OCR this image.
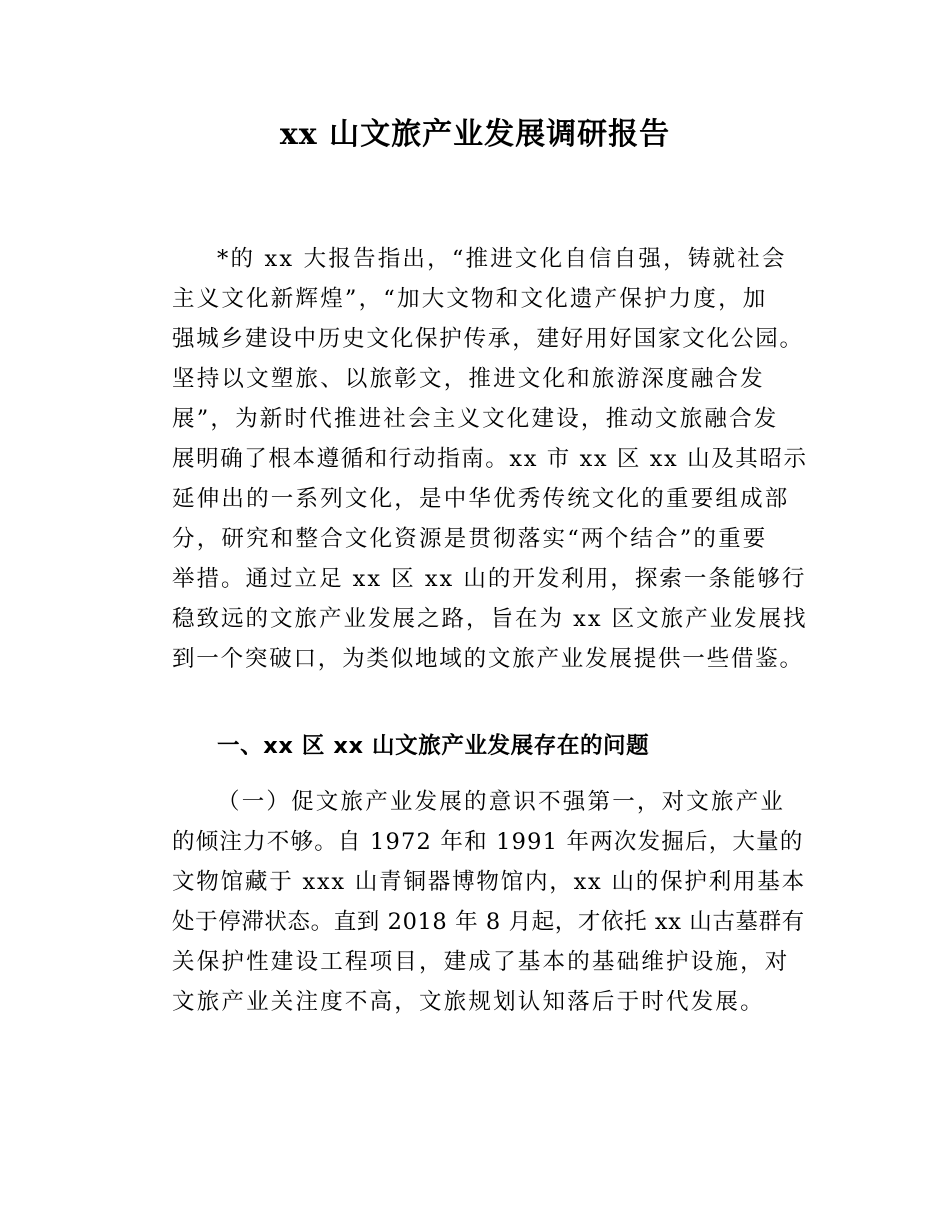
xx 山文旅产业发展调研报告
*的 xx 大报告指出，“推进文化自信自强，铸就社会
主义文化新辉煌”，“加大文物和文化遗产保护力度，加
强城乡建设中历史文化保护传承，建好用好国家文化公园。
坚持以文塑旅、以旅彰文，推进文化和旅游深度融合发
展”，为新时代推进社会主义文化建设，推动文旅融合发
展明确了根本遵循和行动指南。xx 市 xx 区 xx 山及其昭示
延伸出的一系列文化，是中华优秀传统文化的重要组成部
分，研究和整合文化资源是贯彻落实“两个结合”的重要
举措。通过立足 xx 区 xx 山的开发利用，探索一条能够行
稳致远的文旅产业发展之路，旨在为 xx 区文旅产业发展找
到一个突破口，为类似地域的文旅产业发展提供一些借鉴。
一、xx 区 xx 山文旅产业发展存在的问题
（一）促文旅产业发展的意识不强第一，对文旅产业
的倾注力不够。自 1972 年和 1991 年两次发掘后，大量的
文物馆藏于 xxx 山青铜器博物馆内，xx 山的保护利用基本
处于停滞状态。直到 2018 年 8 月起，才依托 xx 山古墓群有
关保护性建设工程项目，建成了基本的基础维护设施，对
文旅产业关注度不高，文旅规划认知落后于时代发展。
